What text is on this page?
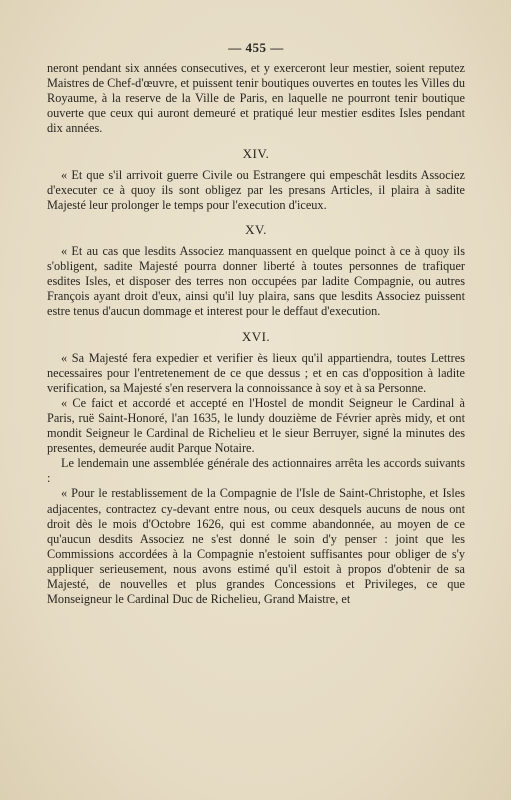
— 455 —

neront pendant six années consecutives, et y exerceront leur mestier, soient reputez Maistres de Chef-d'œuvre, et puissent tenir boutiques ouvertes en toutes les Villes du Royaume, à la reserve de la Ville de Paris, en laquelle ne pourront tenir boutique ouverte que ceux qui auront demeuré et pratiqué leur mestier esdites Isles pendant dix années.

XIV.

« Et que s'il arrivoit guerre Civile ou Estrangere qui empeschât lesdits Associez d'executer ce à quoy ils sont obligez par les presans Articles, il plaira à sadite Majesté leur prolonger le temps pour l'execution d'iceux.

XV.

« Et au cas que lesdits Associez manquassent en quelque poinct à ce à quoy ils s'obligent, sadite Majesté pourra donner liberté à toutes personnes de trafiquer esdites Isles, et disposer des terres non occupées par ladite Compagnie, ou autres François ayant droit d'eux, ainsi qu'il luy plaira, sans que lesdits Associez puissent estre tenus d'aucun dommage et interest pour le deffaut d'execution.

XVI.

« Sa Majesté fera expedier et verifier ès lieux qu'il appartiendra, toutes Lettres necessaires pour l'entretenement de ce que dessus ; et en cas d'opposition à ladite verification, sa Majesté s'en reservera la connoissance à soy et à sa Personne.

« Ce faict et accordé et accepté en l'Hostel de mondit Seigneur le Cardinal à Paris, ruë Saint-Honoré, l'an 1635, le lundy douzième de Février après midy, et ont mondit Seigneur le Cardinal de Richelieu et le sieur Berruyer, signé la minutes des presentes, demeurée audit Parque Notaire.

Le lendemain une assemblée générale des actionnaires arrêta les accords suivants :

« Pour le restablissement de la Compagnie de l'Isle de Saint-Christophe, et Isles adjacentes, contractez cy-devant entre nous, ou ceux desquels aucuns de nous ont droit dès le mois d'Octobre 1626, qui est comme abandonnée, au moyen de ce qu'aucun desdits Associez ne s'est donné le soin d'y penser : joint que les Commissions accordées à la Compagnie n'estoient suffisantes pour obliger de s'y appliquer serieusement, nous avons estimé qu'il estoit à propos d'obtenir de sa Majesté, de nouvelles et plus grandes Concessions et Privileges, ce que Monseigneur le Cardinal Duc de Richelieu, Grand Maistre, et
